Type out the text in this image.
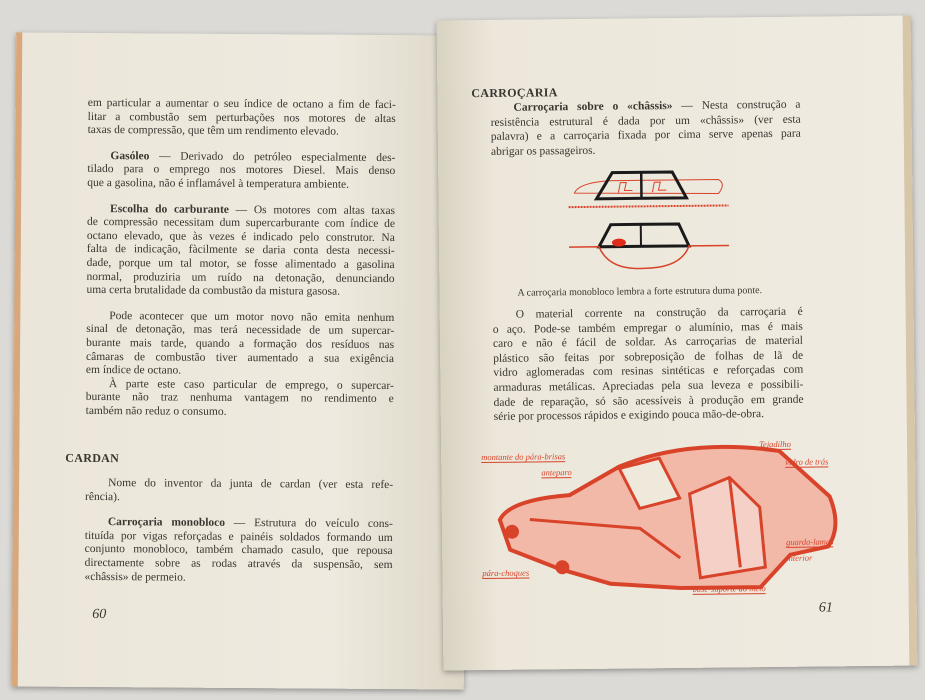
em particular a aumentar o seu índice de octano a fim de faci-
litar a combustão sem perturbações nos motores de altas
taxas de compressão, que têm um rendimento elevado.
Gasóleo — Derivado do petróleo especialmente des-
tilado para o emprego nos motores Diesel. Mais denso
que a gasolina, não é inflamável à temperatura ambiente.
Escolha do carburante — Os motores com altas taxas
de compressão necessitam dum supercarburante com índice de
octano elevado, que às vezes é indicado pelo construtor. Na
falta de indicação, fàcilmente se daria conta desta necessi-
dade, porque um tal motor, se fosse alimentado a gasolina
normal, produziria um ruído na detonação, denunciando
uma certa brutalidade da combustão da mistura gasosa.
Pode acontecer que um motor novo não emita nenhum
sinal de detonação, mas terá necessidade de um supercar-
burante mais tarde, quando a formação dos resíduos nas
câmaras de combustão tiver aumentado a sua exigência
em índice de octano.
À parte este caso particular de emprego, o supercar-
burante não traz nenhuma vantagem no rendimento e
também não reduz o consumo.
CARDAN
Nome do inventor da junta de cardan (ver esta refe-
rência).
Carroçaria monobloco — Estrutura do veículo cons-
tituída por vigas reforçadas e painéis soldados formando um
conjunto monobloco, também chamado casulo, que repousa
directamente sobre as rodas através da suspensão, sem
«châssis» de permeio.
60
CARROÇARIA
Carroçaria sobre o «châssis» — Nesta construção a
resistência estrutural é dada por um «châssis» (ver esta
palavra) e a carroçaria fixada por cima serve apenas para
abrigar os passageiros.
A carroçaria monobloco lembra a forte estrutura duma ponte.
O material corrente na construção da carroçaria é
o aço. Pode-se também empregar o alumínio, mas é mais
caro e não é fácil de soldar. As carroçarias de material
plástico são feitas por sobreposição de folhas de lã de
vidro aglomeradas com resinas sintéticas e reforçadas com
armaduras metálicas. Apreciadas pela sua leveza e possibili-
dade de reparação, só são acessíveis à produção em grande
série por processos rápidos e exigindo pouca mão-de-obra.
montante do pára-brisas
anteparo
Tejadilho
vidro de trás
pára-choques
guarda-lamas
interior
base-suporte do meio
61
